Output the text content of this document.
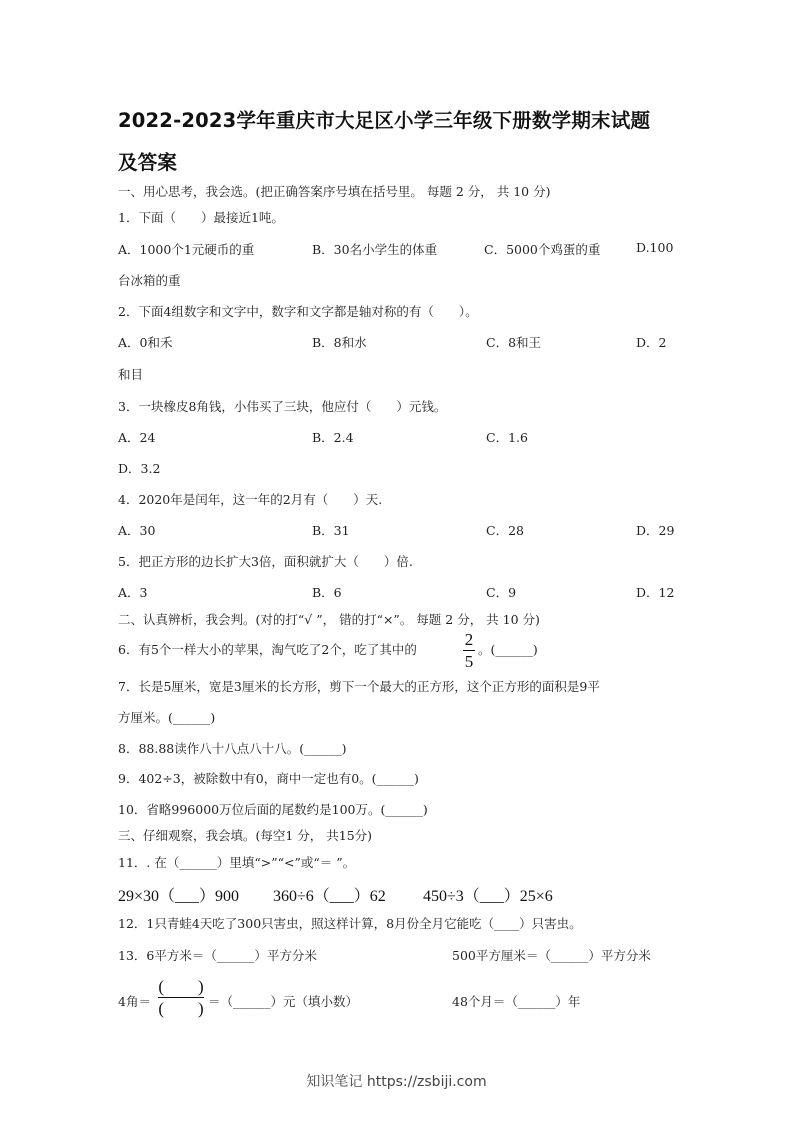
2022-2023学年重庆市大足区小学三年级下册数学期末试题
及答案
一、用心思考，我会选。(把正确答案序号填在括号里。 每题 2 分， 共 10 分)
1．下面（　　）最接近1吨。
A．1000个1元硬币的重	B．30名小学生的体重	C．5000个鸡蛋的重	D.100
台冰箱的重
2．下面4组数字和文字中，数字和文字都是轴对称的有（　　）。
A．0和禾	B．8和水	C．8和王	D．2
和目
3．一块橡皮8角钱，小伟买了三块，他应付（　　）元钱。
A．24	B．2.4	C．1.6
D．3.2
4．2020年是闰年，这一年的2月有（　　）天.
A．30	B．31	C．28	D．29
5．把正方形的边长扩大3倍，面积就扩大（　　）倍.
A．3	B．6	C．9	D．12
二、认真辨析，我会判。(对的打“√ ”， 错的打“×”。 每题 2 分， 共 10 分)
6．有5个一样大小的苹果，淘气吃了2个，吃了其中的
2
5
。(______)
7．长是5厘米，宽是3厘米的长方形，剪下一个最大的正方形，这个正方形的面积是9平
方厘米。(______)
8．88.88读作八十八点八十八。(______)
9．402÷3，被除数中有0，商中一定也有0。(______)
10．省略996000万位后面的尾数约是100万。(______)
三、仔细观察，我会填。(每空1 分， 共15分)
11．. 在（______）里填“>”“<”或“＝ ”。
29×30（___）900 360÷6（___）62 450÷3（___）25×6
12．1只青蛙4天吃了300只害虫，照这样计算，8月份全月它能吃（____）只害虫。
13．6平方米＝（______）平方分米	500平方厘米＝（______）平方分米
4角＝
(　　)
(　　) ＝（______）元（填小数）	48个月＝（______）年
知识笔记 https://zsbiji.com
